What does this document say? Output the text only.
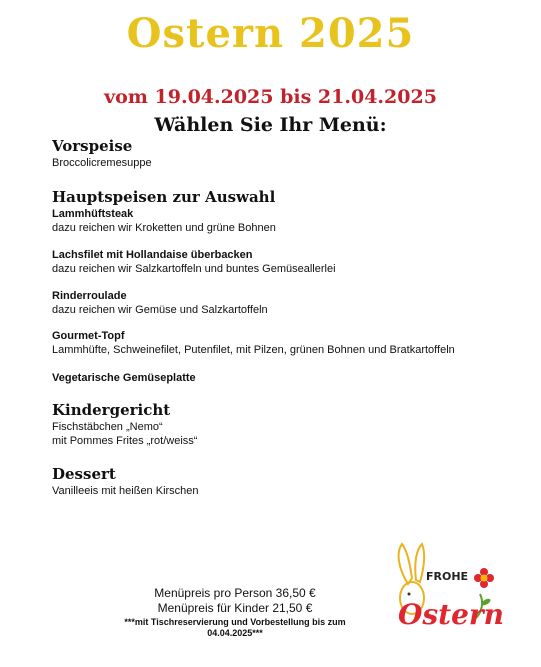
Ostern 2025
vom 19.04.2025 bis 21.04.2025
Wählen Sie Ihr Menü:
Vorspeise
Broccolicremesuppe
Hauptspeisen zur Auswahl
Lammhüftsteak
dazu reichen wir Kroketten und grüne Bohnen
Lachsfilet mit Hollandaise überbacken
dazu reichen wir Salzkartoffeln und buntes Gemüseallerlei
Rinderroulade
dazu reichen wir Gemüse und Salzkartoffeln
Gourmet-Topf
Lammhüfte, Schweinefilet, Putenfilet, mit Pilzen, grünen Bohnen und Bratkartoffeln
Vegetarische Gemüseplatte
Kindergericht
Fischstäbchen „Nemo“
mit Pommes Frites „rot/weiss“
Dessert
Vanilleeis mit heißen Kirschen
Menüpreis pro Person 36,50 €
Menüpreis für Kinder 21,50 €
***mit Tischreservierung und Vorbestellung bis zum
04.04.2025***
FROHE
Ostern
